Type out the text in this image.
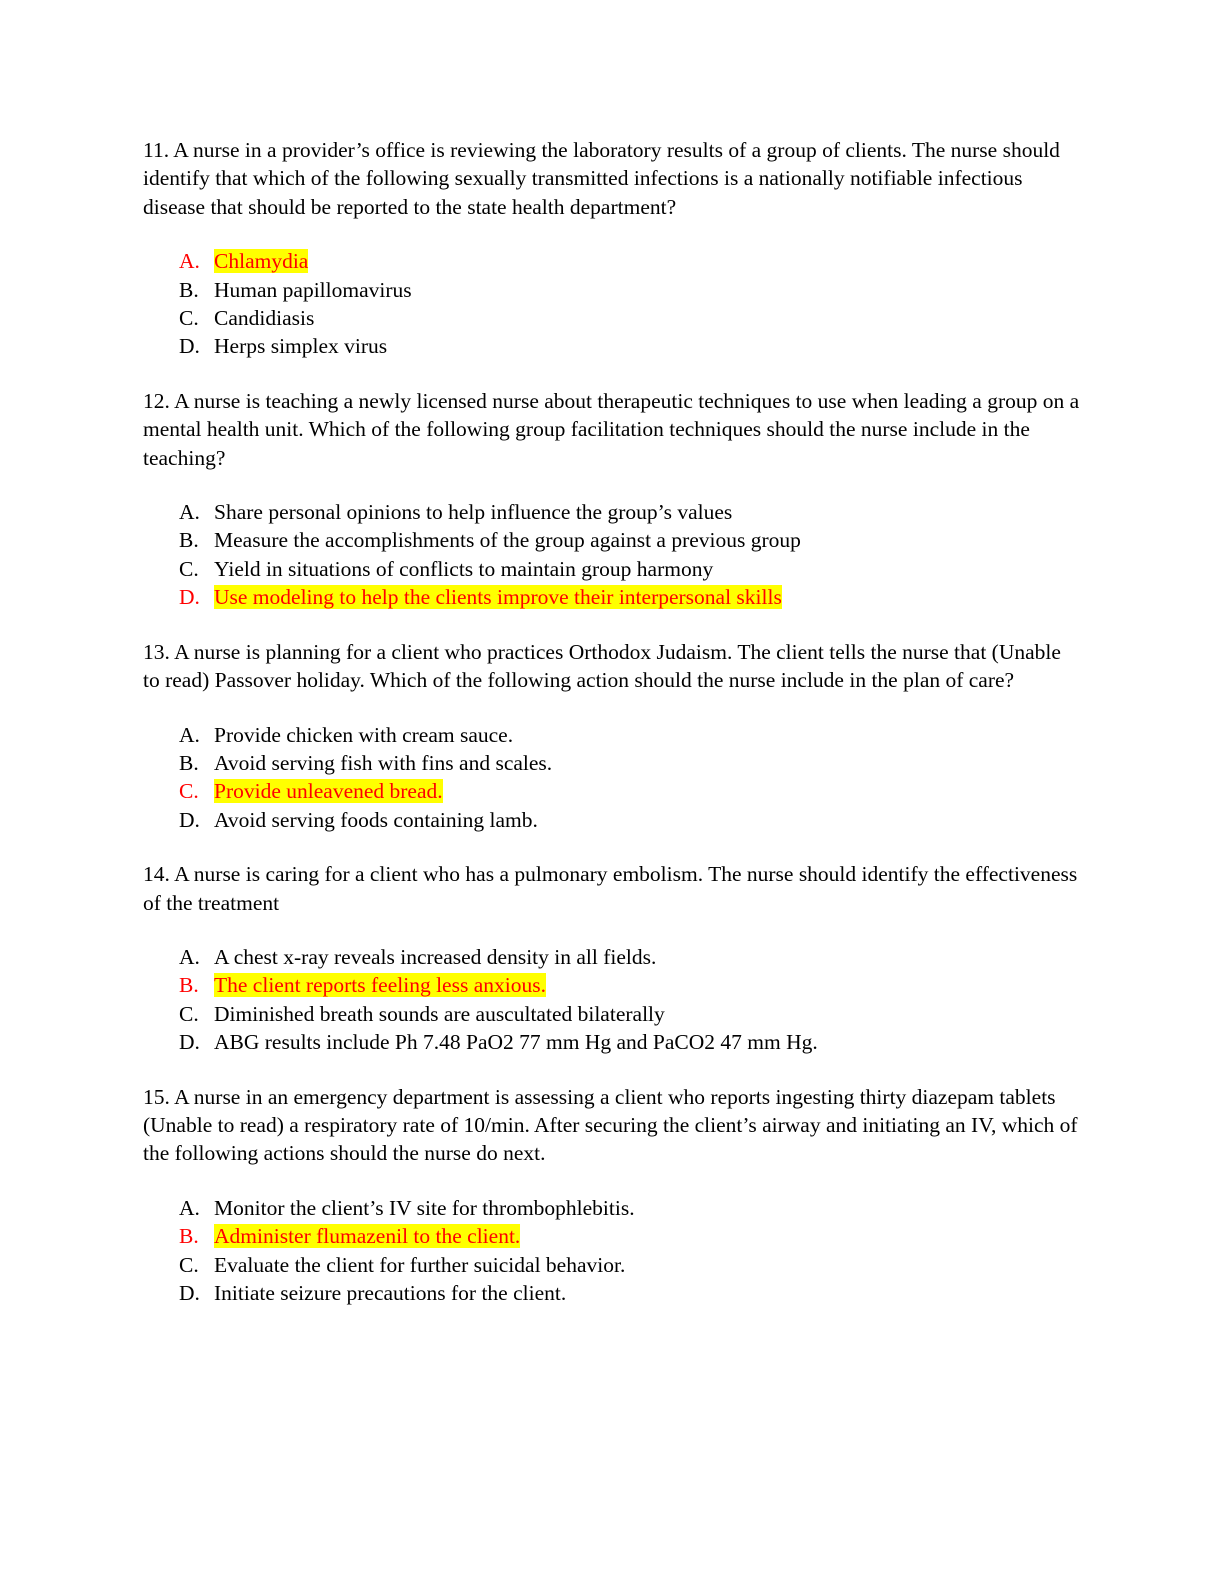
11. A nurse in a provider’s office is reviewing the laboratory results of a group of clients. The nurse should identify that which of the following sexually transmitted infections is a nationally notifiable infectious disease that should be reported to the state health department?

A. Chlamydia
B. Human papillomavirus
C. Candidiasis
D. Herps simplex virus

12. A nurse is teaching a newly licensed nurse about therapeutic techniques to use when leading a group on a mental health unit. Which of the following group facilitation techniques should the nurse include in the teaching?

A. Share personal opinions to help influence the group’s values
B. Measure the accomplishments of the group against a previous group
C. Yield in situations of conflicts to maintain group harmony
D. Use modeling to help the clients improve their interpersonal skills

13. A nurse is planning for a client who practices Orthodox Judaism. The client tells the nurse that (Unable to read) Passover holiday. Which of the following action should the nurse include in the plan of care?

A. Provide chicken with cream sauce.
B. Avoid serving fish with fins and scales.
C. Provide unleavened bread.
D. Avoid serving foods containing lamb.

14. A nurse is caring for a client who has a pulmonary embolism. The nurse should identify the effectiveness of the treatment

A. A chest x-ray reveals increased density in all fields.
B. The client reports feeling less anxious.
C. Diminished breath sounds are auscultated bilaterally
D. ABG results include Ph 7.48 PaO2 77 mm Hg and PaCO2 47 mm Hg.

15. A nurse in an emergency department is assessing a client who reports ingesting thirty diazepam tablets (Unable to read) a respiratory rate of 10/min. After securing the client’s airway and initiating an IV, which of the following actions should the nurse do next.

A. Monitor the client’s IV site for thrombophlebitis.
B. Administer flumazenil to the client.
C. Evaluate the client for further suicidal behavior.
D. Initiate seizure precautions for the client.
